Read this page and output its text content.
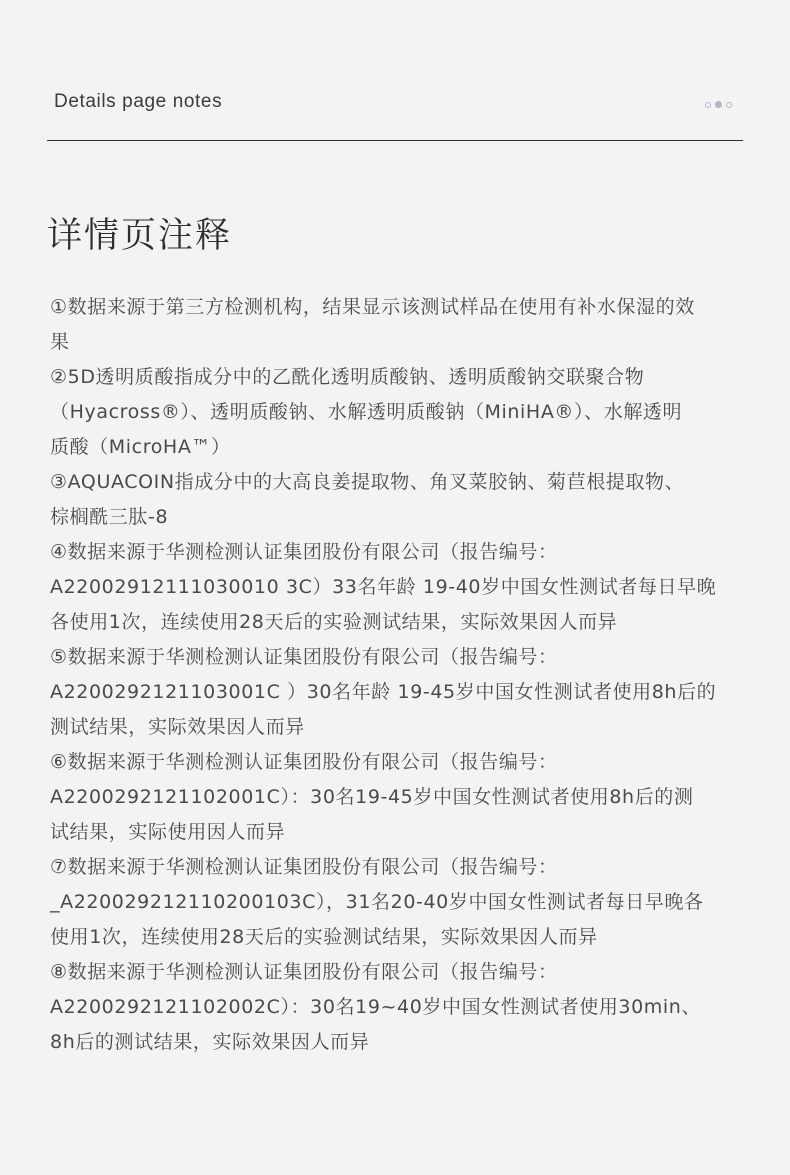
Details page notes
详情页注释
①数据来源于第三方检测机构，结果显示该测试样品在使用有补水保湿的效
果
②5D透明质酸指成分中的乙酰化透明质酸钠、透明质酸钠交联聚合物
（Hyacross®）、透明质酸钠、水解透明质酸钠（MiniHA®）、水解透明
质酸（MicroHA™）
③AQUACOIN指成分中的大高良姜提取物、角叉菜胶钠、菊苣根提取物、
棕榈酰三肽-8
④数据来源于华测检测认证集团股份有限公司（报告编号：
A22002912111030010 3C）33名年龄 19-40岁中国女性测试者每日早晚
各使用1次，连续使用28天后的实验测试结果，实际效果因人而异
⑤数据来源于华测检测认证集团股份有限公司（报告编号：
A2200292121103001C ）30名年龄 19-45岁中国女性测试者使用8h后的
测试结果，实际效果因人而异
⑥数据来源于华测检测认证集团股份有限公司（报告编号：
A2200292121102001C）：30名19-45岁中国女性测试者使用8h后的测
试结果，实际使用因人而异
⑦数据来源于华测检测认证集团股份有限公司（报告编号：
_A220029212110200103C），31名20-40岁中国女性测试者每日早晚各
使用1次，连续使用28天后的实验测试结果，实际效果因人而异
⑧数据来源于华测检测认证集团股份有限公司（报告编号：
A2200292121102002C）：30名19~40岁中国女性测试者使用30min、
8h后的测试结果，实际效果因人而异
